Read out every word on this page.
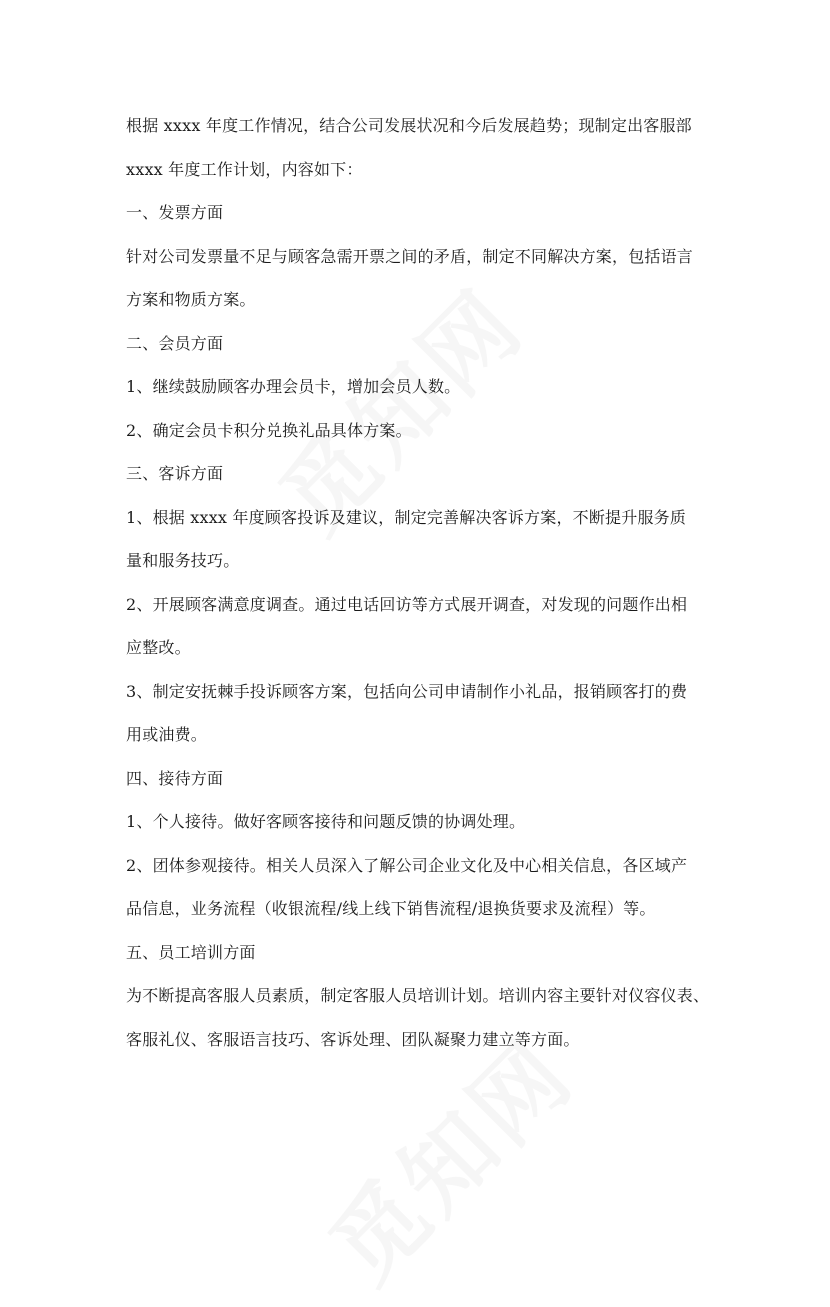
根据 xxxx 年度工作情况，结合公司发展状况和今后发展趋势；现制定出客服部
xxxx 年度工作计划，内容如下：
一、发票方面
针对公司发票量不足与顾客急需开票之间的矛盾，制定不同解决方案，包括语言
方案和物质方案。
二、会员方面
1、继续鼓励顾客办理会员卡，增加会员人数。
2、确定会员卡积分兑换礼品具体方案。
三、客诉方面
1、根据 xxxx 年度顾客投诉及建议，制定完善解决客诉方案，不断提升服务质
量和服务技巧。
2、开展顾客满意度调查。通过电话回访等方式展开调查，对发现的问题作出相
应整改。
3、制定安抚棘手投诉顾客方案，包括向公司申请制作小礼品，报销顾客打的费
用或油费。
四、接待方面
1、个人接待。做好客顾客接待和问题反馈的协调处理。
2、团体参观接待。相关人员深入了解公司企业文化及中心相关信息，各区域产
品信息，业务流程（收银流程/线上线下销售流程/退换货要求及流程）等。
五、员工培训方面
为不断提高客服人员素质，制定客服人员培训计划。培训内容主要针对仪容仪表、
客服礼仪、客服语言技巧、客诉处理、团队凝聚力建立等方面。
